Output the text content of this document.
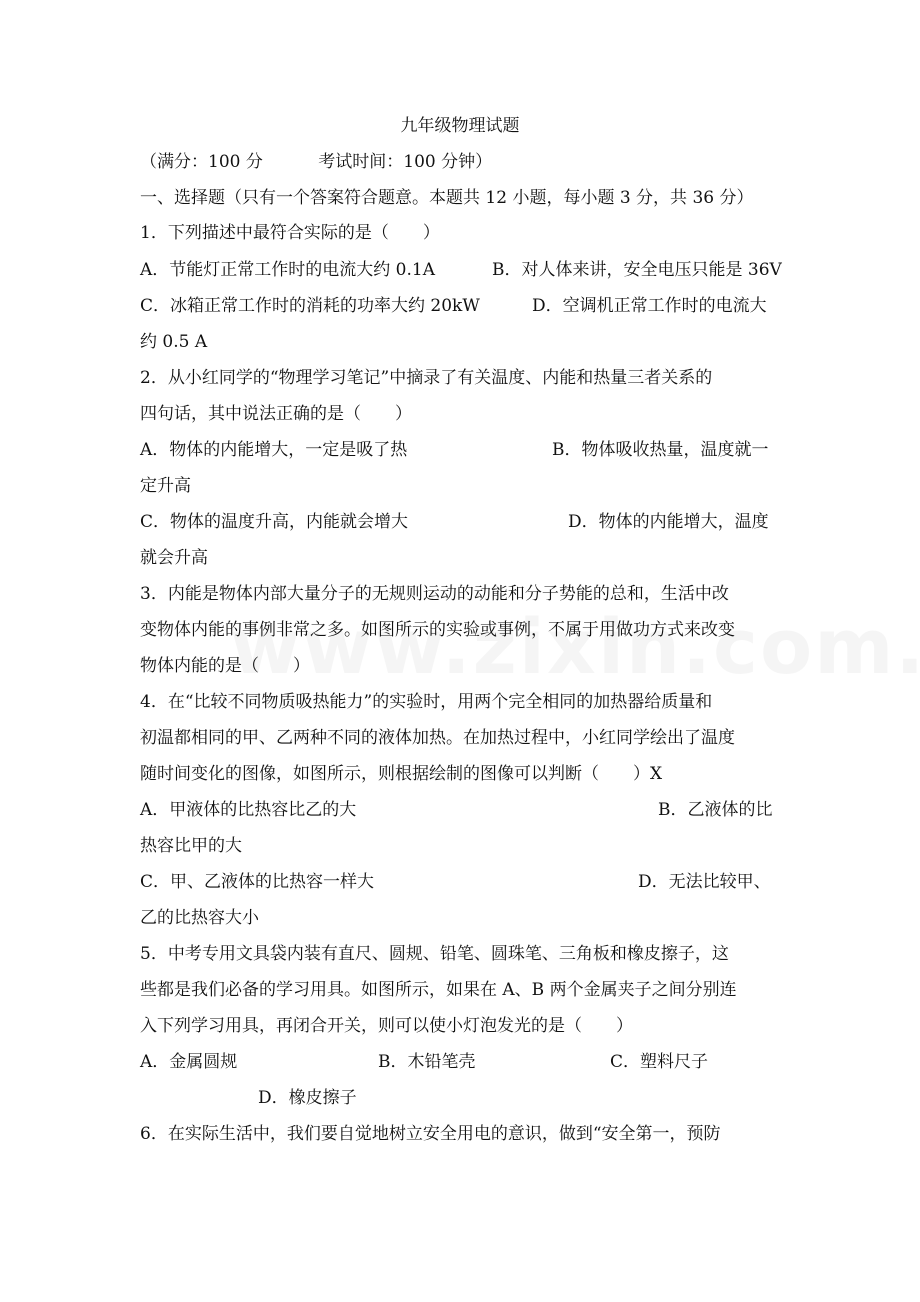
九年级物理试题
（满分：100 分	考试时间：100 分钟）
一、选择题（只有一个答案符合题意。本题共 12 小题，每小题 3 分，共 36 分）
1．下列描述中最符合实际的是（　　）
A．节能灯正常工作时的电流大约 0.1A	B．对人体来讲，安全电压只能是 36V
C．冰箱正常工作时的消耗的功率大约 20kW	D．空调机正常工作时的电流大
约 0.5 A
2．从小红同学的“物理学习笔记”中摘录了有关温度、内能和热量三者关系的
四句话，其中说法正确的是（　　）
A．物体的内能增大，一定是吸了热	B．物体吸收热量，温度就一
定升高
C．物体的温度升高，内能就会增大	D．物体的内能增大，温度
就会升高
3．内能是物体内部大量分子的无规则运动的动能和分子势能的总和，生活中改
变物体内能的事例非常之多。如图所示的实验或事例，不属于用做功方式来改变
物体内能的是（　　）
4．在“比较不同物质吸热能力”的实验时，用两个完全相同的加热器给质量和
初温都相同的甲、乙两种不同的液体加热。在加热过程中，小红同学绘出了温度
随时间变化的图像，如图所示，则根据绘制的图像可以判断（　　）X
A．甲液体的比热容比乙的大	B．乙液体的比
热容比甲的大
C．甲、乙液体的比热容一样大	D．无法比较甲、
乙的比热容大小
5．中考专用文具袋内装有直尺、圆规、铅笔、圆珠笔、三角板和橡皮擦子，这
些都是我们必备的学习用具。如图所示，如果在 A、B 两个金属夹子之间分别连
入下列学习用具，再闭合开关，则可以使小灯泡发光的是（　　）
A．金属圆规	B．木铅笔壳	C．塑料尺子
D．橡皮擦子
6．在实际生活中，我们要自觉地树立安全用电的意识，做到“安全第一，预防
